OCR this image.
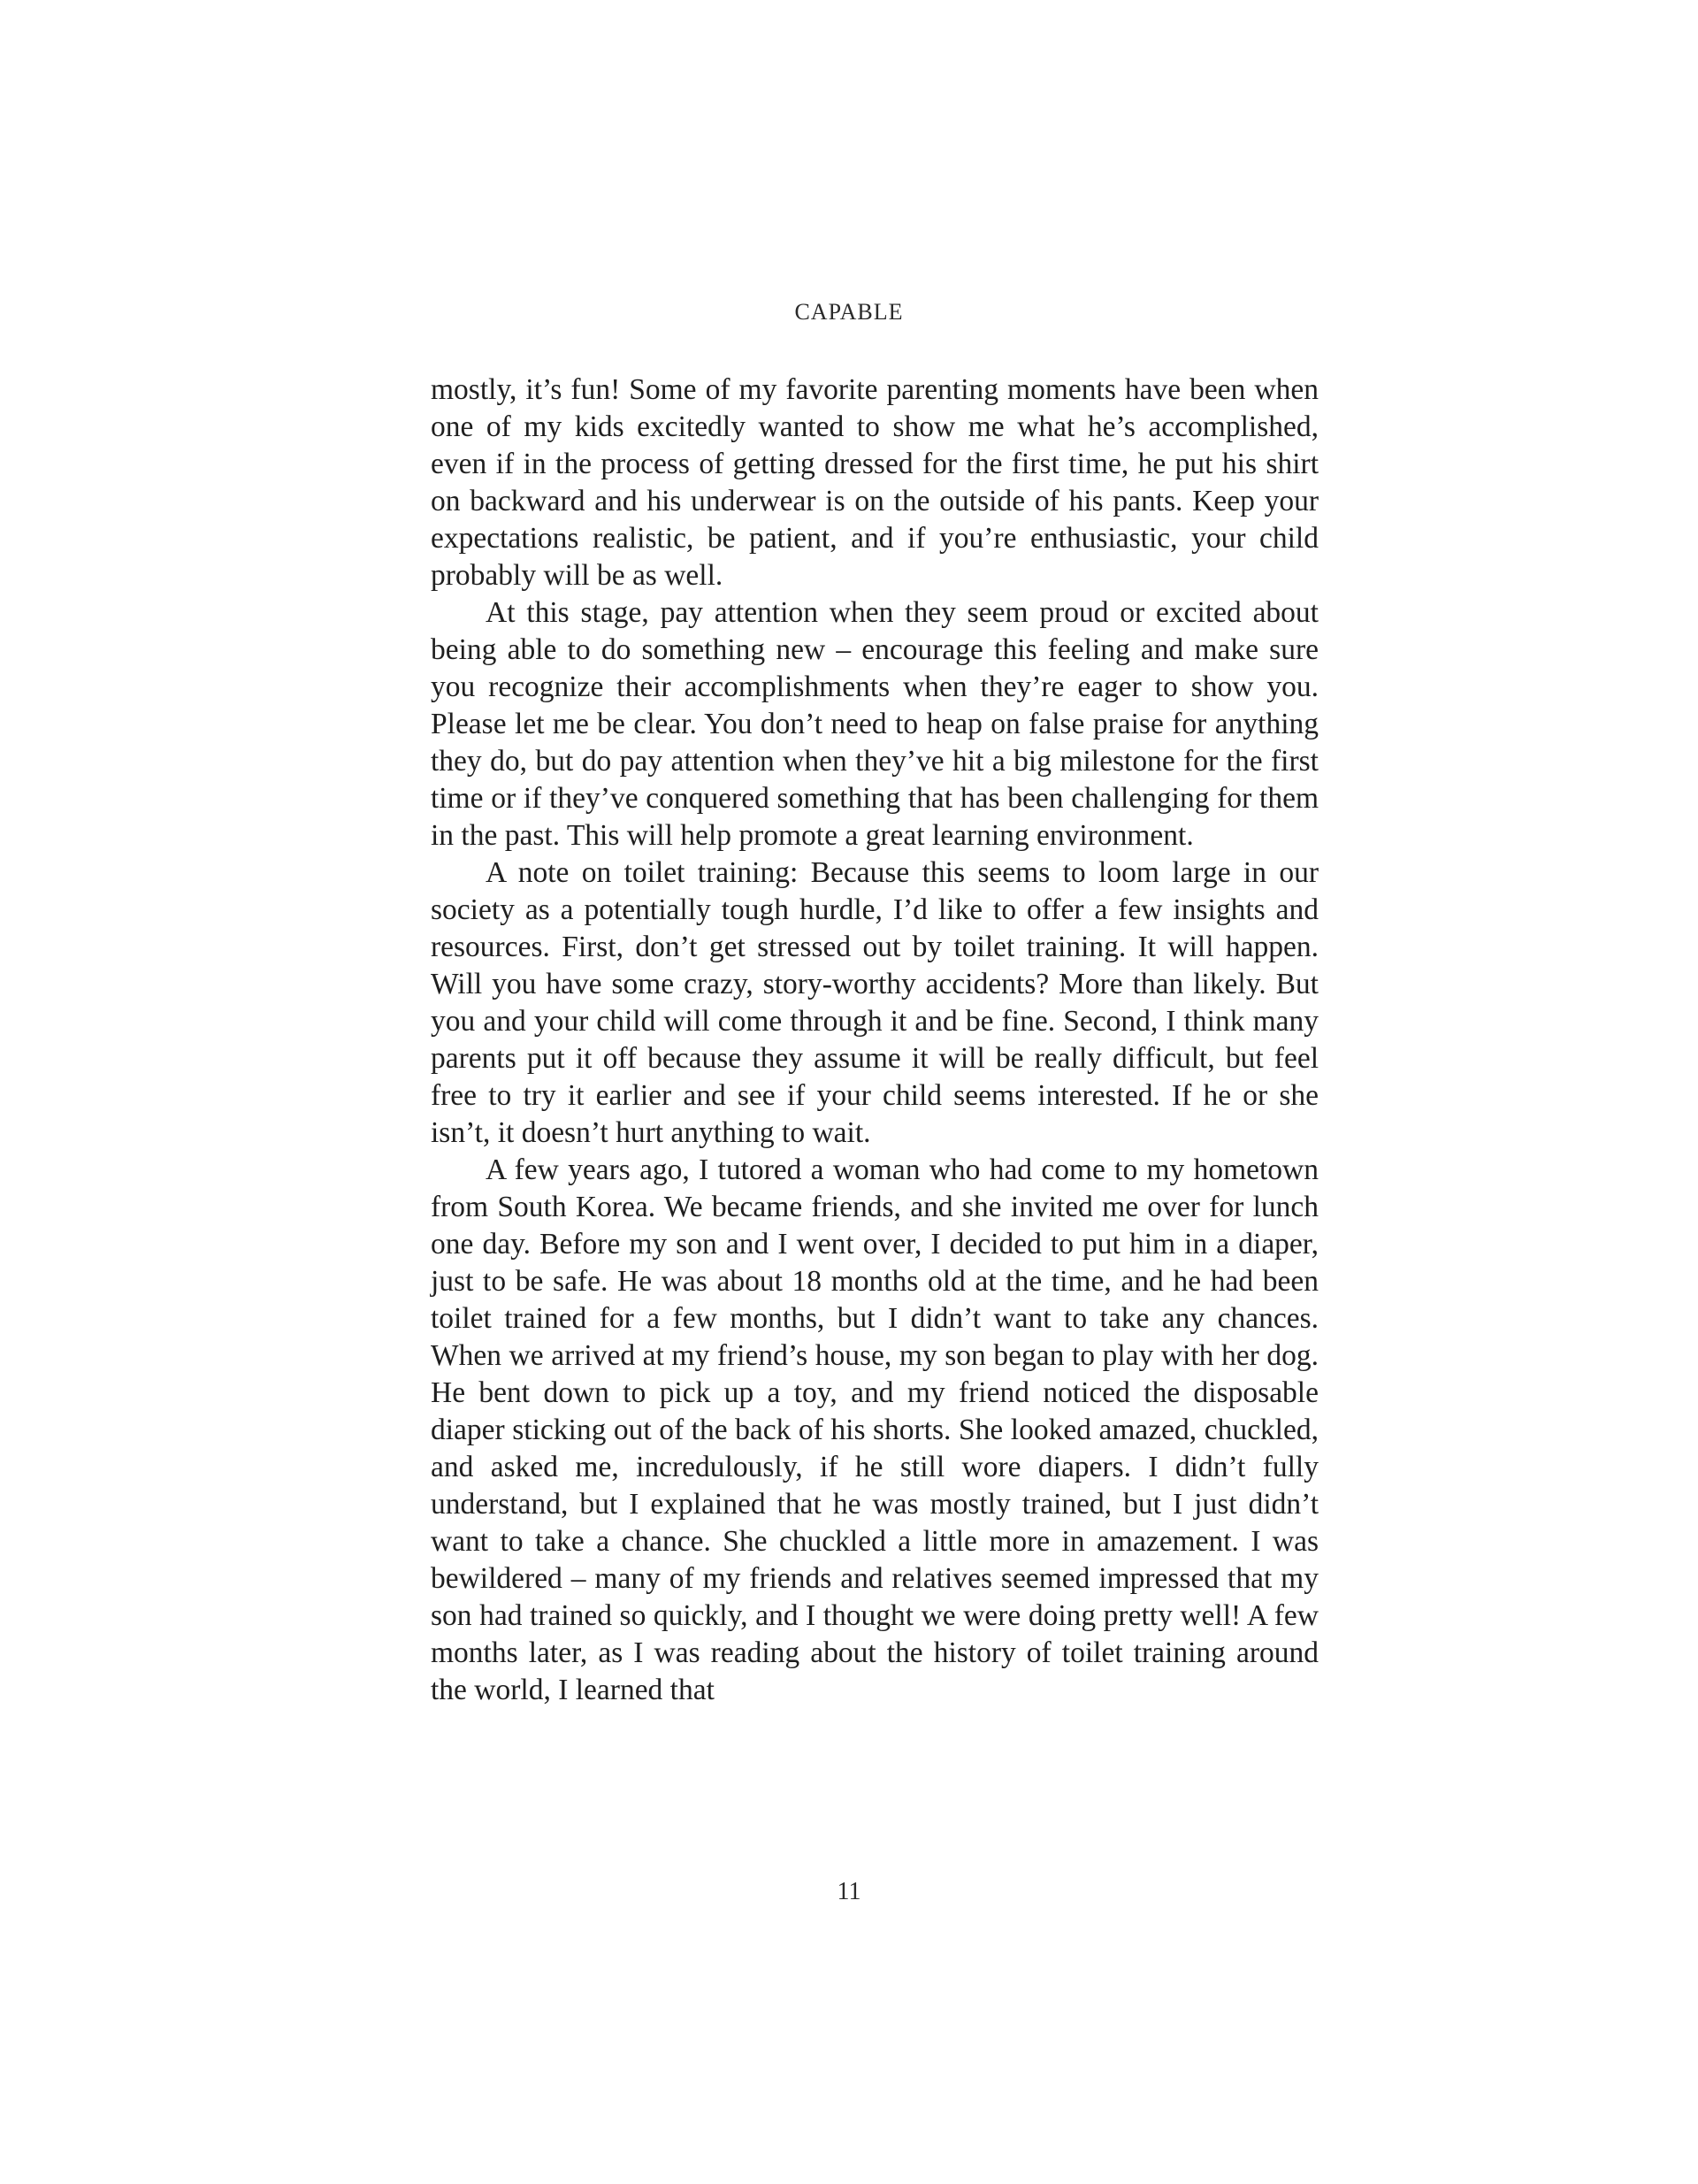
CAPABLE

mostly, it’s fun! Some of my favorite parenting moments have been when one of my kids excitedly wanted to show me what he’s accomplished, even if in the process of getting dressed for the first time, he put his shirt on backward and his underwear is on the outside of his pants. Keep your expectations realistic, be patient, and if you’re enthusiastic, your child probably will be as well.

At this stage, pay attention when they seem proud or excited about being able to do something new – encourage this feeling and make sure you recognize their accomplishments when they’re eager to show you. Please let me be clear. You don’t need to heap on false praise for anything they do, but do pay attention when they’ve hit a big milestone for the first time or if they’ve conquered something that has been challenging for them in the past. This will help promote a great learning environment.

A note on toilet training: Because this seems to loom large in our society as a potentially tough hurdle, I’d like to offer a few insights and resources. First, don’t get stressed out by toilet training. It will happen. Will you have some crazy, story-worthy accidents? More than likely. But you and your child will come through it and be fine. Second, I think many parents put it off because they assume it will be really difficult, but feel free to try it earlier and see if your child seems interested. If he or she isn’t, it doesn’t hurt anything to wait.

A few years ago, I tutored a woman who had come to my hometown from South Korea. We became friends, and she invited me over for lunch one day. Before my son and I went over, I decided to put him in a diaper, just to be safe. He was about 18 months old at the time, and he had been toilet trained for a few months, but I didn’t want to take any chances. When we arrived at my friend’s house, my son began to play with her dog. He bent down to pick up a toy, and my friend noticed the disposable diaper sticking out of the back of his shorts. She looked amazed, chuckled, and asked me, incredulously, if he still wore diapers. I didn’t fully understand, but I explained that he was mostly trained, but I just didn’t want to take a chance. She chuckled a little more in amazement. I was bewildered – many of my friends and relatives seemed impressed that my son had trained so quickly, and I thought we were doing pretty well! A few months later, as I was reading about the history of toilet training around the world, I learned that

11
